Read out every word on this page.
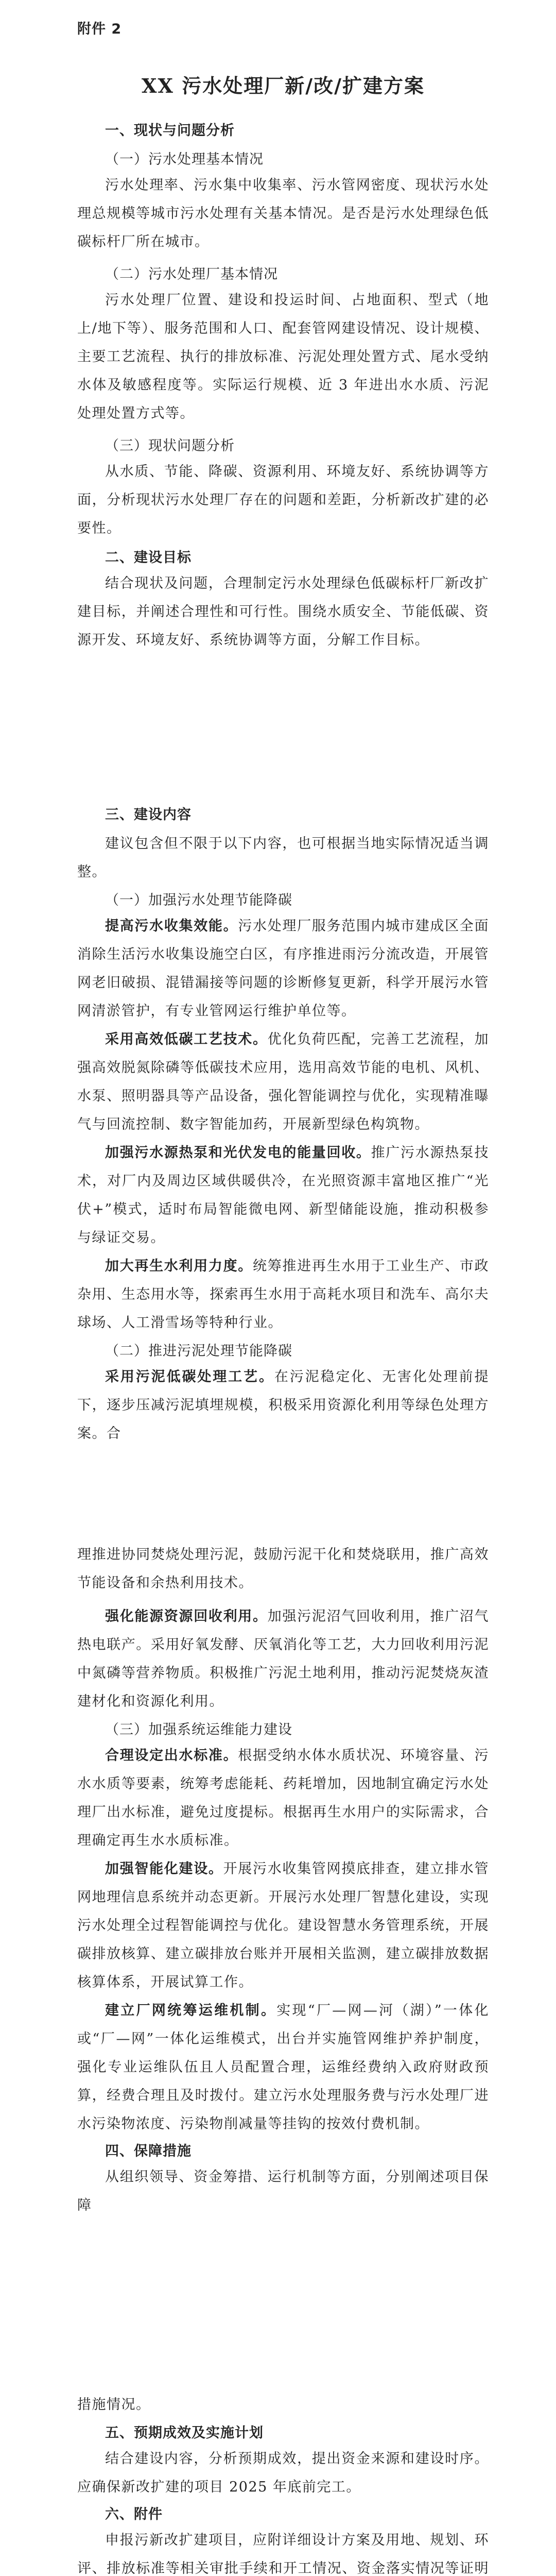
附件 2
XX 污水处理厂新/改/扩建方案

一、现状与问题分析

（一）污水处理基本情况

污水处理率、污水集中收集率、污水管网密度、现状污水处理总规模等城市污水处理有关基本情况。是否是污水处理绿色低碳标杆厂所在城市。

（二）污水处理厂基本情况

污水处理厂位置、建设和投运时间、占地面积、型式（地上/地下等）、服务范围和人口、配套管网建设情况、设计规模、主要工艺流程、执行的排放标准、污泥处理处置方式、尾水受纳水体及敏感程度等。实际运行规模、近 3 年进出水水质、污泥处理处置方式等。

（三）现状问题分析

从水质、节能、降碳、资源利用、环境友好、系统协调等方面，分析现状污水处理厂存在的问题和差距，分析新改扩建的必要性。

二、建设目标

结合现状及问题，合理制定污水处理绿色低碳标杆厂新改扩建目标，并阐述合理性和可行性。围绕水质安全、节能低碳、资源开发、环境友好、系统协调等方面，分解工作目标。

三、建设内容

建议包含但不限于以下内容，也可根据当地实际情况适当调整。

（一）加强污水处理节能降碳

提高污水收集效能。污水处理厂服务范围内城市建成区全面消除生活污水收集设施空白区，有序推进雨污分流改造，开展管网老旧破损、混错漏接等问题的诊断修复更新，科学开展污水管网清淤管护，有专业管网运行维护单位等。

采用高效低碳工艺技术。优化负荷匹配，完善工艺流程，加强高效脱氮除磷等低碳技术应用，选用高效节能的电机、风机、水泵、照明器具等产品设备，强化智能调控与优化，实现精准曝气与回流控制、数字智能加药，开展新型绿色构筑物。

加强污水源热泵和光伏发电的能量回收。推广污水源热泵技术，对厂内及周边区域供暖供冷，在光照资源丰富地区推广“光伏+”模式，适时布局智能微电网、新型储能设施，推动积极参与绿证交易。

加大再生水利用力度。统筹推进再生水用于工业生产、市政杂用、生态用水等，探索再生水用于高耗水项目和洗车、高尔夫球场、人工滑雪场等特种行业。

（二）推进污泥处理节能降碳

采用污泥低碳处理工艺。在污泥稳定化、无害化处理前提下，逐步压减污泥填埋规模，积极采用资源化利用等绿色处理方案。合

理推进协同焚烧处理污泥，鼓励污泥干化和焚烧联用，推广高效节能设备和余热利用技术。

强化能源资源回收利用。加强污泥沼气回收利用，推广沼气热电联产。采用好氧发酵、厌氧消化等工艺，大力回收利用污泥中氮磷等营养物质。积极推广污泥土地利用，推动污泥焚烧灰渣建材化和资源化利用。

（三）加强系统运维能力建设

合理设定出水标准。根据受纳水体水质状况、环境容量、污水水质等要素，统筹考虑能耗、药耗增加，因地制宜确定污水处理厂出水标准，避免过度提标。根据再生水用户的实际需求，合理确定再生水水质标准。

加强智能化建设。开展污水收集管网摸底排查，建立排水管网地理信息系统并动态更新。开展污水处理厂智慧化建设，实现污水处理全过程智能调控与优化。建设智慧水务管理系统，开展碳排放核算、建立碳排放台账并开展相关监测，建立碳排放数据核算体系，开展试算工作。

建立厂网统筹运维机制。实现“厂—网—河（湖）”一体化或“厂—网”一体化运维模式，出台并实施管网维护养护制度，强化专业运维队伍且人员配置合理，运维经费纳入政府财政预算，经费合理且及时拨付。建立污水处理服务费与污水处理厂进水污染物浓度、污染物削减量等挂钩的按效付费机制。

四、保障措施

从组织领导、资金筹措、运行机制等方面，分别阐述项目保障

措施情况。

五、预期成效及实施计划

结合建设内容，分析预期成效，提出资金来源和建设时序。应确保新改扩建的项目 2025 年底前完工。

六、附件

申报污新改扩建项目，应附详细设计方案及用地、规划、环评、排放标准等相关审批手续和开工情况、资金落实情况等证明
